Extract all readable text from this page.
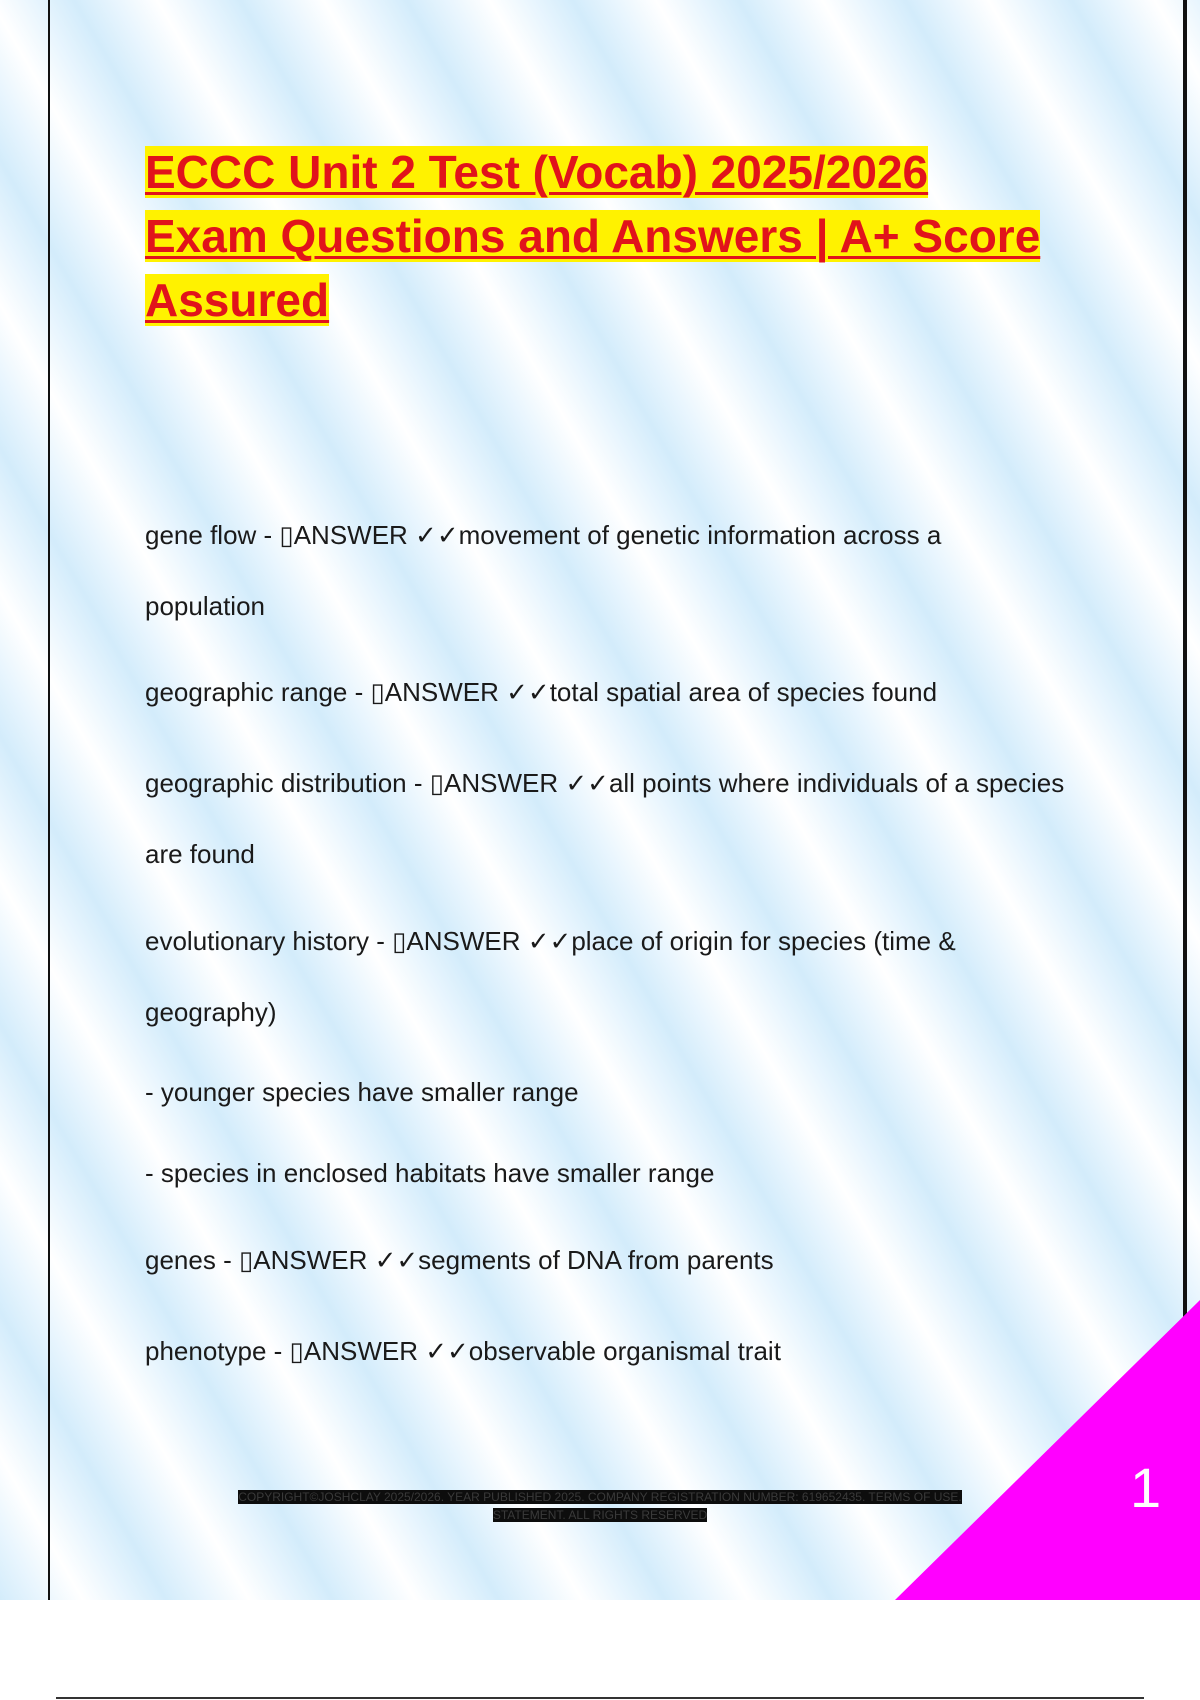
ECCC Unit 2 Test (Vocab) 2025/2026
Exam Questions and Answers | A+ Score
Assured

gene flow - ▯ANSWER ✓✓movement of genetic information across a population

geographic range - ▯ANSWER ✓✓total spatial area of species found

geographic distribution - ▯ANSWER ✓✓all points where individuals of a species are found

evolutionary history - ▯ANSWER ✓✓place of origin for species (time & geography)

- younger species have smaller range

- species in enclosed habitats have smaller range

genes - ▯ANSWER ✓✓segments of DNA from parents

phenotype - ▯ANSWER ✓✓observable organismal trait

COPYRIGHT©JOSHCLAY 2025/2026. YEAR PUBLISHED 2025. COMPANY REGISTRATION NUMBER: 619652435. TERMS OF USE.
STATEMENT. ALL RIGHTS RESERVED	1
